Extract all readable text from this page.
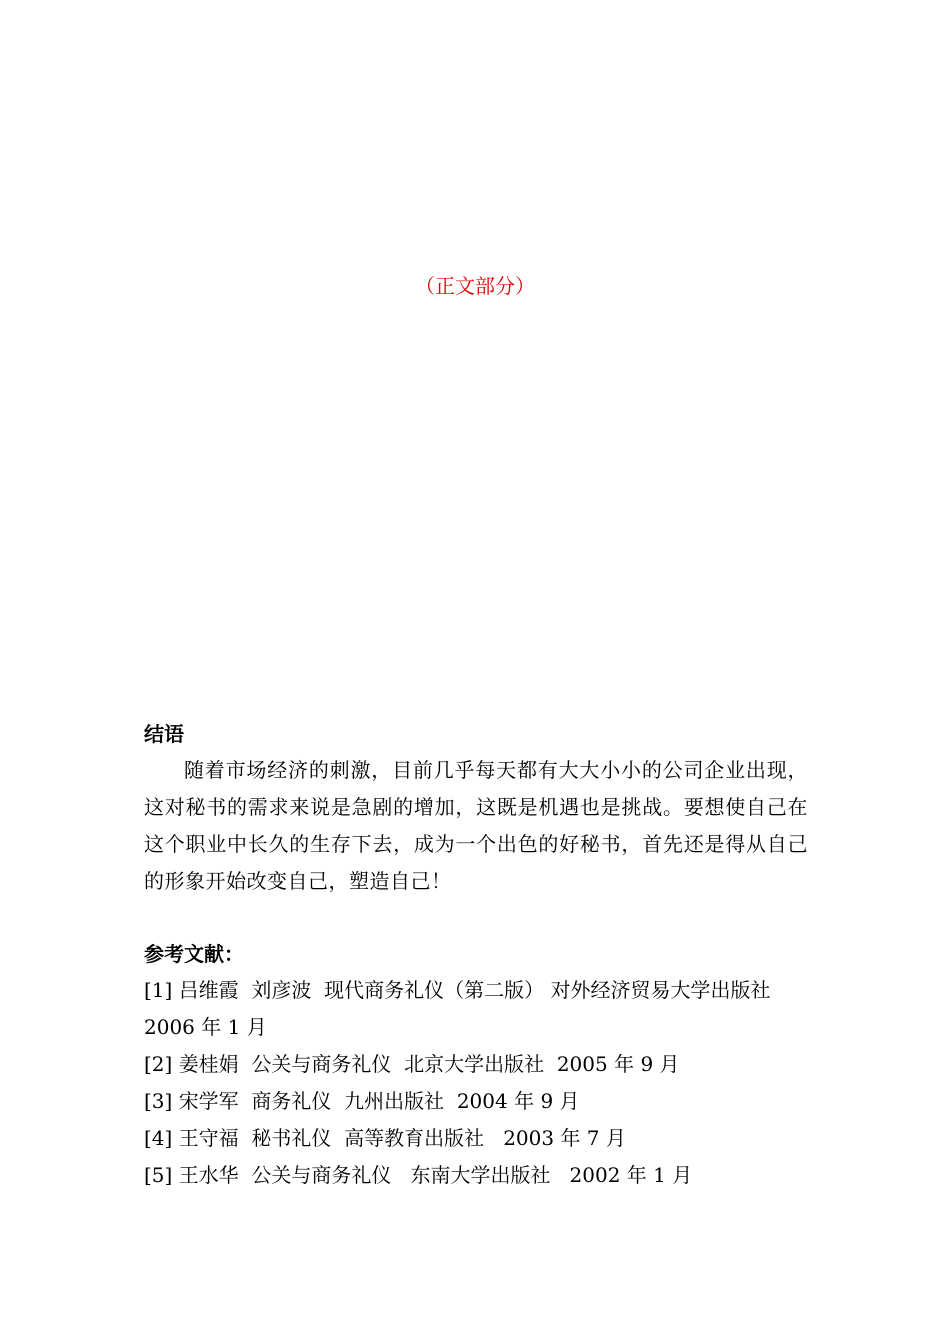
（正文部分）

结语

随着市场经济的刺激，目前几乎每天都有大大小小的公司企业出现，这对秘书的需求来说是急剧的增加，这既是机遇也是挑战。要想使自己在这个职业中长久的生存下去，成为一个出色的好秘书，首先还是得从自己的形象开始改变自己，塑造自己！

参考文献：

[1] 吕维霞  刘彦波  现代商务礼仪（第二版） 对外经济贸易大学出版社  2006 年 1 月
[2] 姜桂娟  公关与商务礼仪  北京大学出版社  2005 年 9 月
[3] 宋学军  商务礼仪  九州出版社  2004 年 9 月
[4] 王守福  秘书礼仪  高等教育出版社   2003 年 7 月
[5] 王水华  公关与商务礼仪   东南大学出版社   2002 年 1 月
